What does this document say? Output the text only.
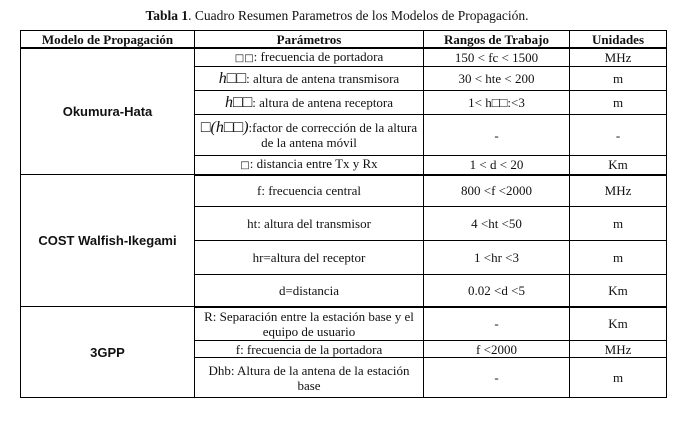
Tabla 1. Cuadro Resumen Parametros de los Modelos de Propagación.
Modelo de Propagación	Parámetros	Rangos de Trabajo	Unidades
Okumura-Hata	□□: frecuencia de portadora	150 < fc < 1500	MHz
	h□□: altura de antena transmisora	30 < hte < 200	m
	h□□: altura de antena receptora	1< h□□:<3	m
	□(h□□):factor de corrección de la altura de la antena móvil	-	-
	□: distancia entre Tx y Rx	1 < d < 20	Km
COST Walfish-Ikegami	f: frecuencia central	800 <f <2000	MHz
	ht: altura del transmisor	4 <ht <50	m
	hr=altura del receptor	1 <hr <3	m
	d=distancia	0.02 <d <5	Km
3GPP	R: Separación entre la estación base y el equipo de usuario	-	Km
	f: frecuencia de la portadora	f <2000	MHz
	Dhb: Altura de la antena de la estación base	-	m
